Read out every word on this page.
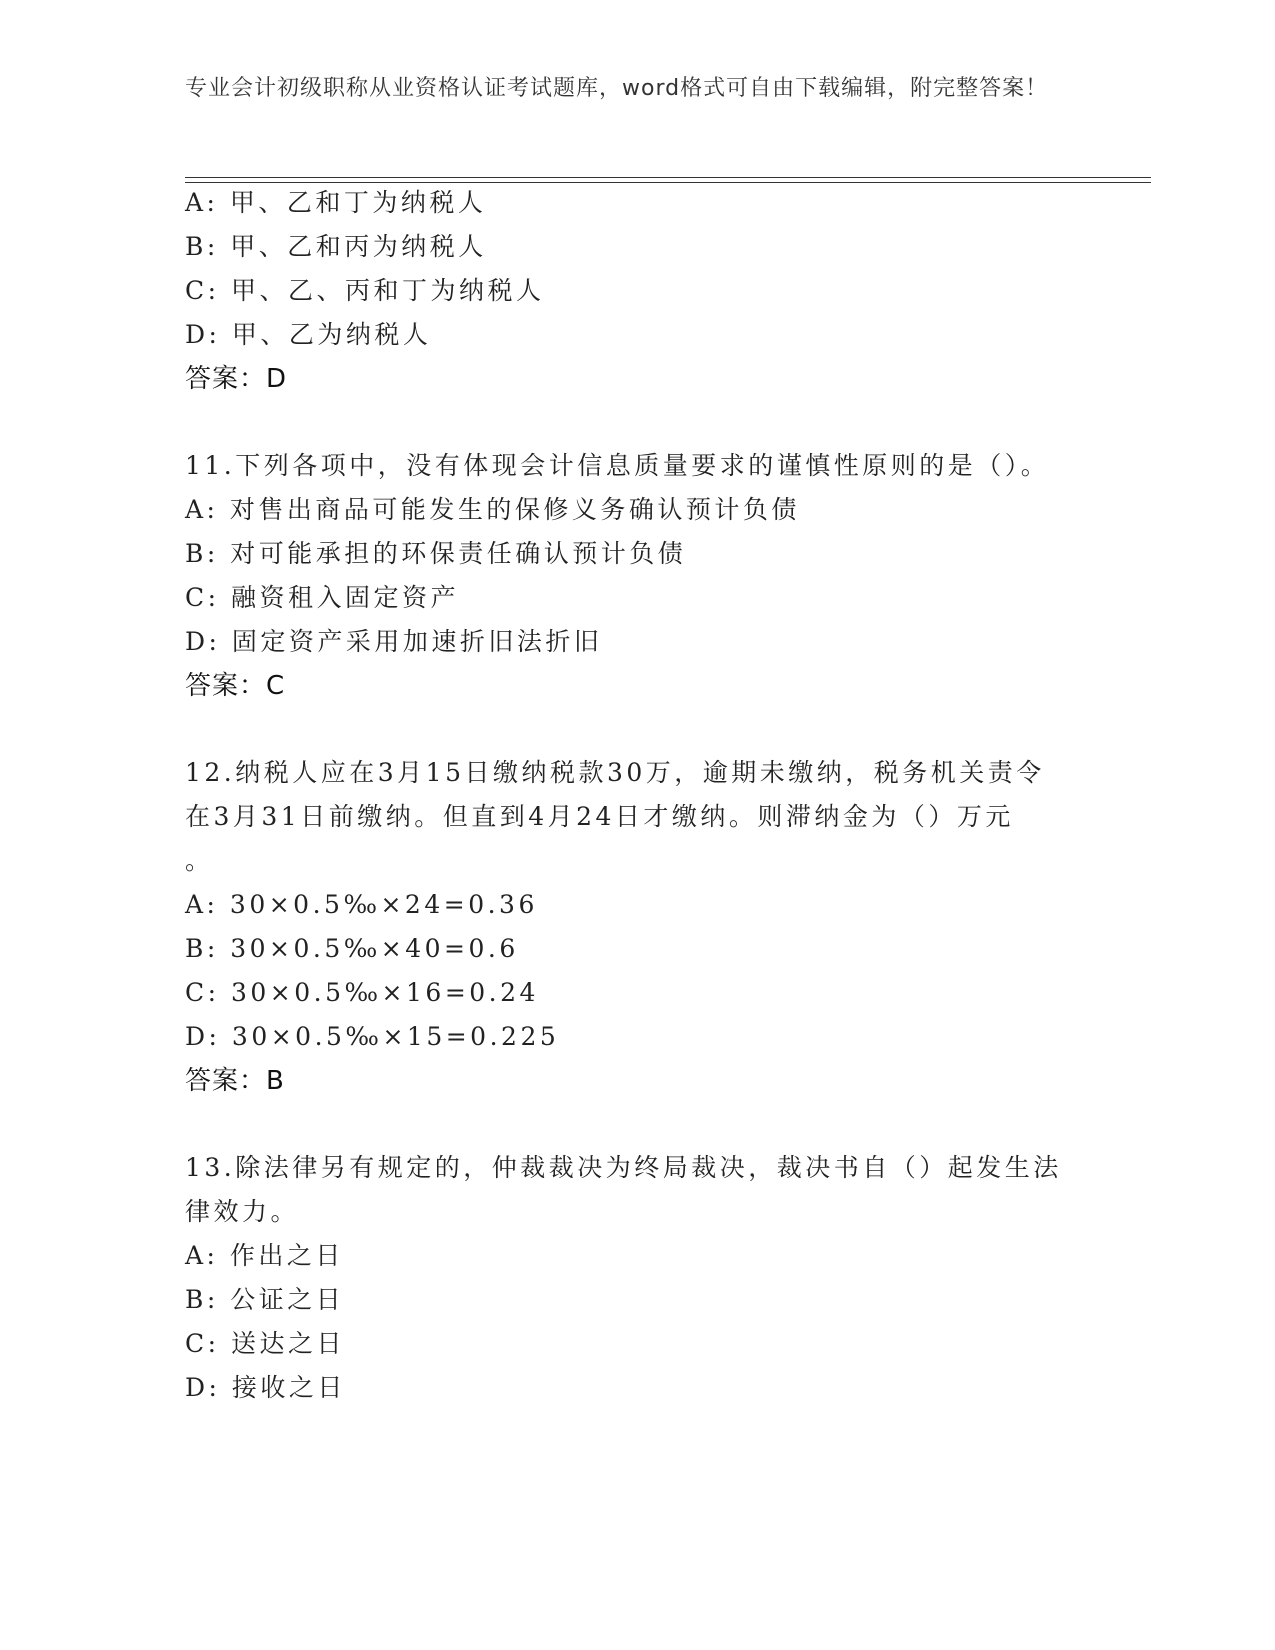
专业会计初级职称从业资格认证考试题库，word格式可自由下载编辑，附完整答案！
A: 甲、乙和丁为纳税人
B: 甲、乙和丙为纳税人
C: 甲、乙、丙和丁为纳税人
D: 甲、乙为纳税人
答案：D
11.下列各项中，没有体现会计信息质量要求的谨慎性原则的是（）。
A: 对售出商品可能发生的保修义务确认预计负债
B: 对可能承担的环保责任确认预计负债
C: 融资租入固定资产
D: 固定资产采用加速折旧法折旧
答案：C
12.纳税人应在3月15日缴纳税款30万，逾期未缴纳，税务机关责令
在3月31日前缴纳。但直到4月24日才缴纳。则滞纳金为（）万元
。
A: 30×0.5‰×24=0.36
B: 30×0.5‰×40=0.6
C: 30×0.5‰×16=0.24
D: 30×0.5‰×15=0.225
答案：B
13.除法律另有规定的，仲裁裁决为终局裁决，裁决书自（）起发生法
律效力。
A: 作出之日
B: 公证之日
C: 送达之日
D: 接收之日
